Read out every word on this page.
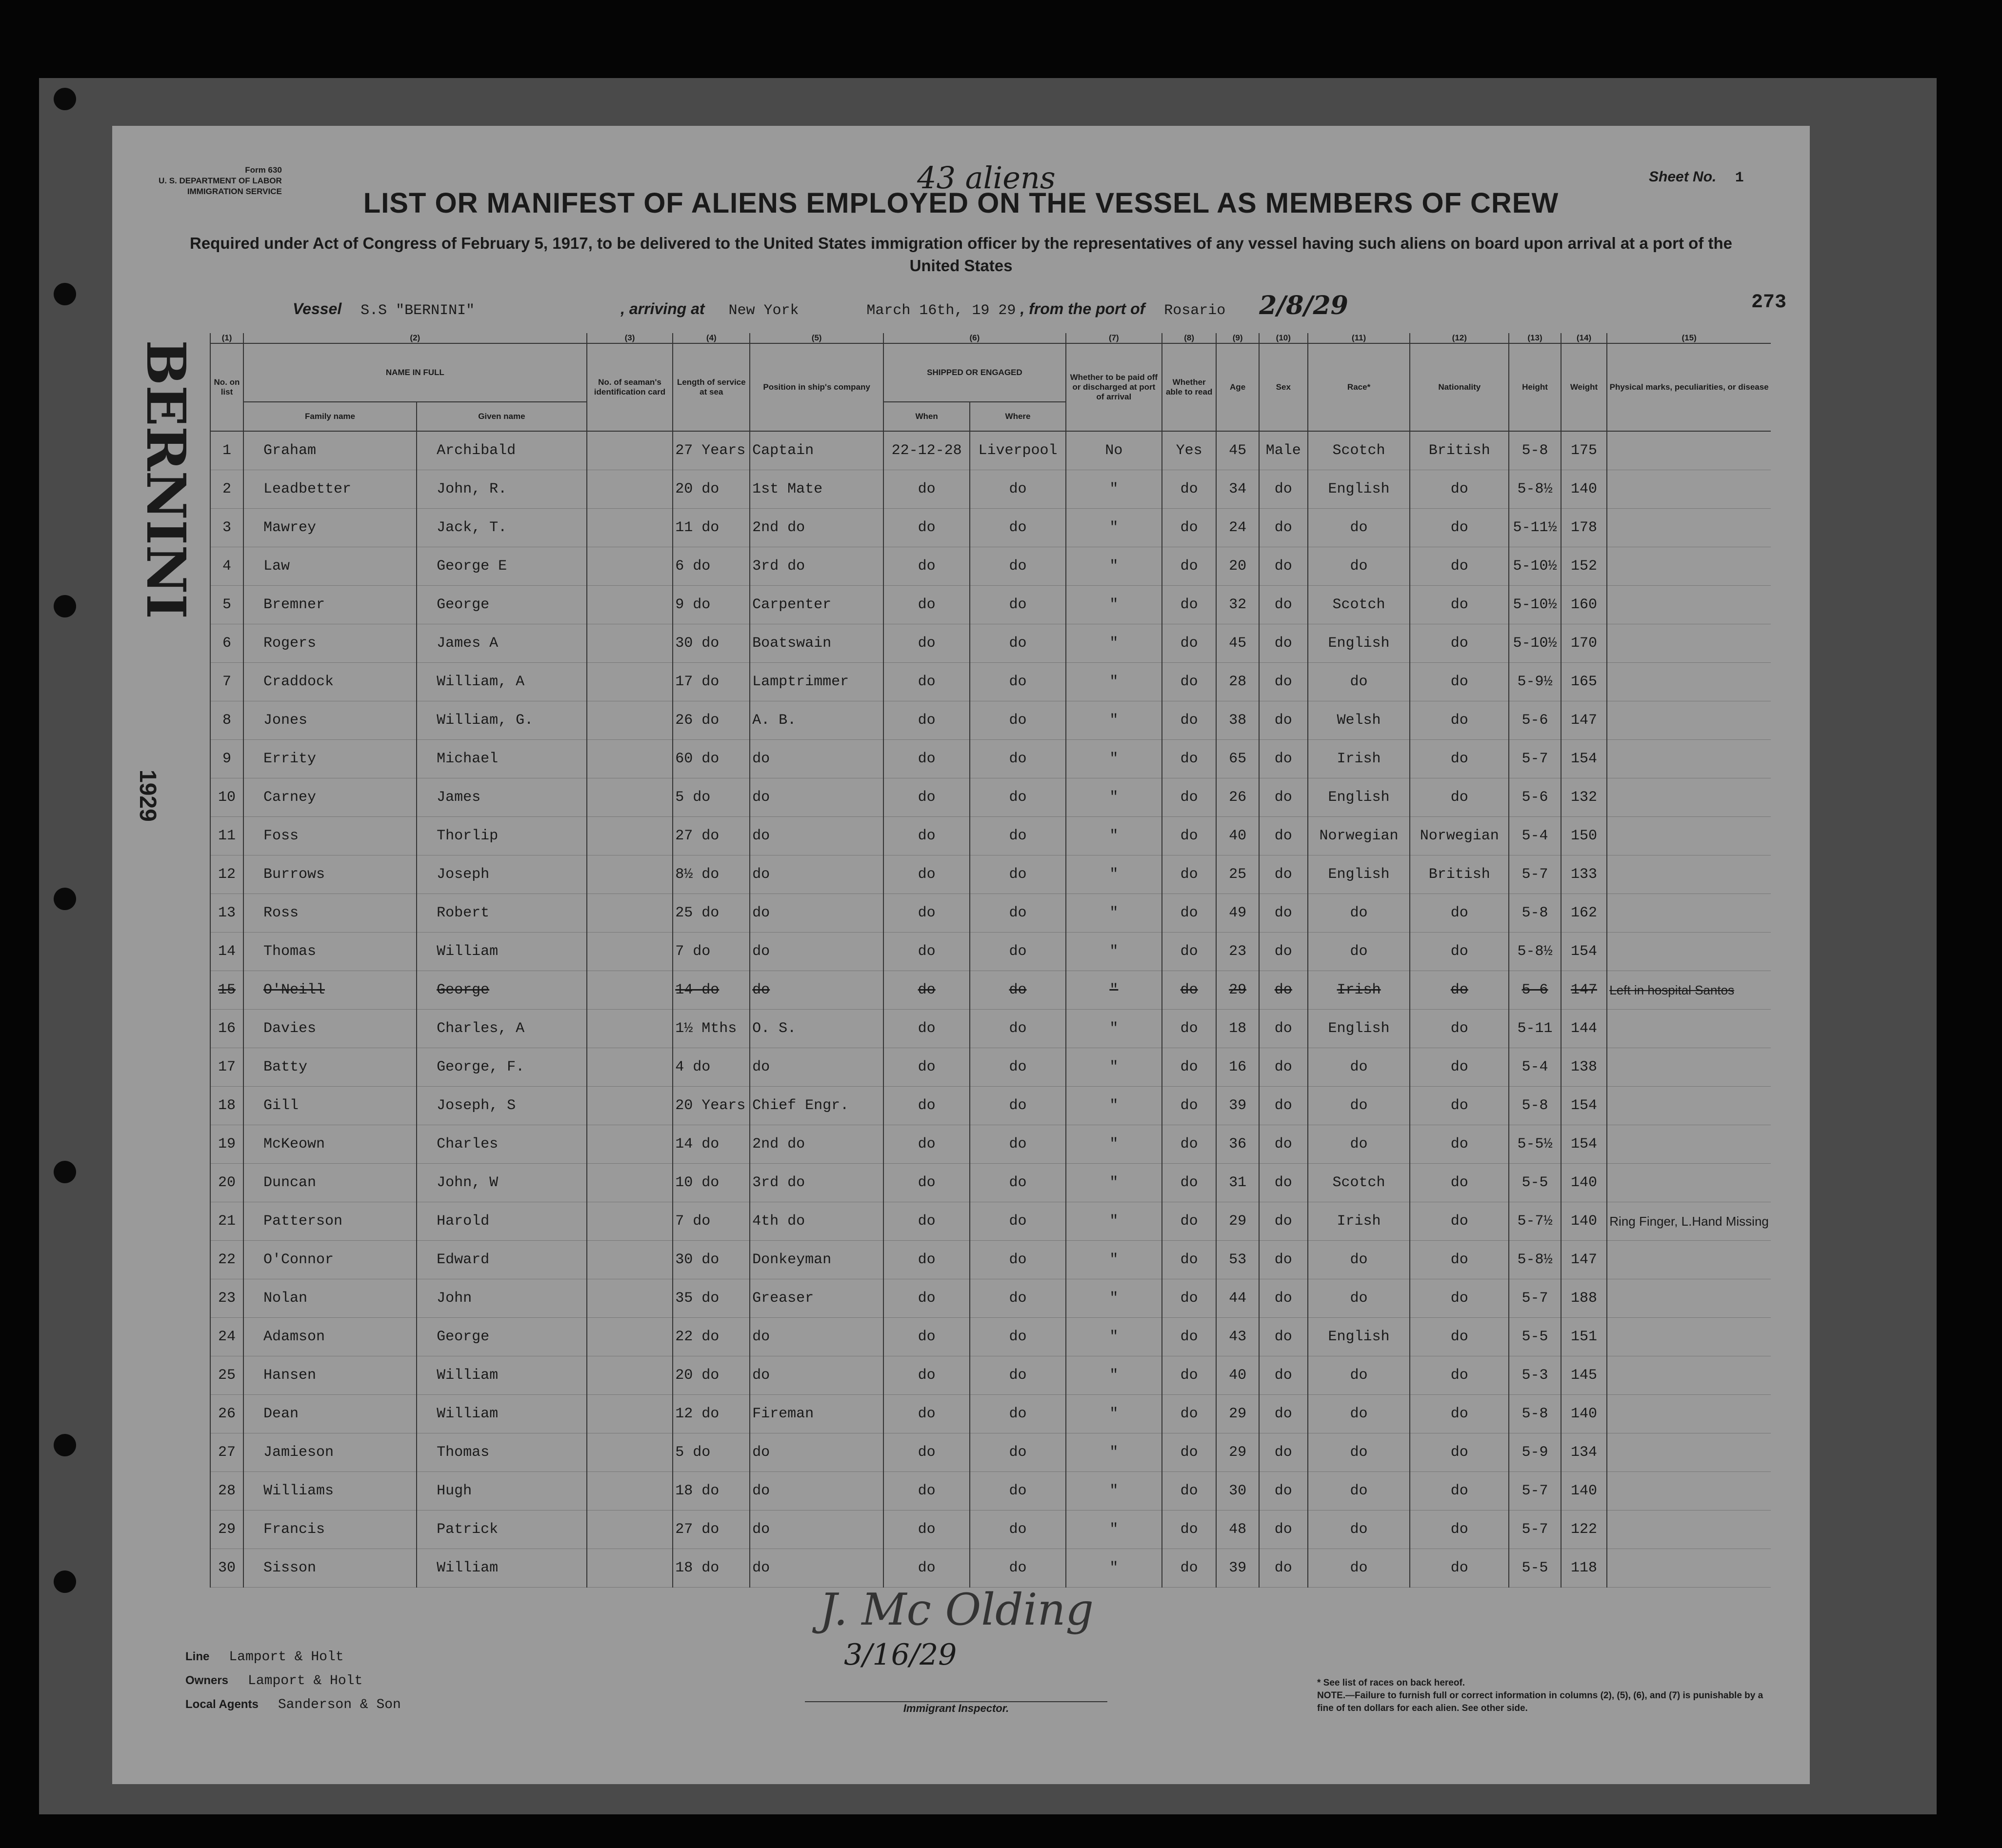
Form 630
U. S. DEPARTMENT OF LABOR
IMMIGRATION SERVICE	43 aliens	Sheet No. 1
LIST OR MANIFEST OF ALIENS EMPLOYED ON THE VESSEL AS MEMBERS OF CREW
Required under Act of Congress of February 5, 1917, to be delivered to the United States immigration officer by the representatives of any vessel having such aliens on board upon arrival at a port of the United States
Vessel S.S "BERNINI"	, arriving at New York	March 16th, 19 29 , from the port of Rosario 2/8/29	273
BERNINI
1929
(1)	(2)		(3)	(4)	(5)	(6)		(7)	(8)	(9)	(10)	(11)	(12)	(13)	(14)	(15)
No. on list	NAME IN FULL		No. of seaman's identification card	Length of service at sea	Position in ship's company	SHIPPED OR ENGAGED		Whether to be paid off or discharged at port of arrival	Whether able to read	Age	Sex	Race*	Nationality	Height	Weight	Physical marks, peculiarities, or disease
	Family name	Given name				When	Where									
1	Graham	Archibald		27 Years	Captain	22-12-28	Liverpool	No	Yes	45	Male	Scotch	British	5-8	175	
2	Leadbetter	John, R.		20 do	1st Mate	do	do	"	do	34	do	English	do	5-8½	140	
3	Mawrey	Jack, T.		11 do	2nd do	do	do	"	do	24	do	do	do	5-11½	178	
4	Law	George E		6 do	3rd do	do	do	"	do	20	do	do	do	5-10½	152	
5	Bremner	George		9 do	Carpenter	do	do	"	do	32	do	Scotch	do	5-10½	160	
6	Rogers	James A		30 do	Boatswain	do	do	"	do	45	do	English	do	5-10½	170	
7	Craddock	William, A		17 do	Lamptrimmer	do	do	"	do	28	do	do	do	5-9½	165	
8	Jones	William, G.		26 do	A. B.	do	do	"	do	38	do	Welsh	do	5-6	147	
9	Errity	Michael		60 do	do	do	do	"	do	65	do	Irish	do	5-7	154	
10	Carney	James		5 do	do	do	do	"	do	26	do	English	do	5-6	132	
11	Foss	Thorlip		27 do	do	do	do	"	do	40	do	Norwegian	Norwegian	5-4	150	
12	Burrows	Joseph		8½ do	do	do	do	"	do	25	do	English	British	5-7	133	
13	Ross	Robert		25 do	do	do	do	"	do	49	do	do	do	5-8	162	
14	Thomas	William		7 do	do	do	do	"	do	23	do	do	do	5-8½	154	
15	O'Neill	George		14 do	do	do	do	"	do	29	do	Irish	do	5-6	147	Left in hospital Santos
16	Davies	Charles, A		1½ Mths	O. S.	do	do	"	do	18	do	English	do	5-11	144	
17	Batty	George, F.		4 do	do	do	do	"	do	16	do	do	do	5-4	138	
18	Gill	Joseph, S		20 Years	Chief Engr.	do	do	"	do	39	do	do	do	5-8	154	
19	McKeown	Charles		14 do	2nd do	do	do	"	do	36	do	do	do	5-5½	154	
20	Duncan	John, W		10 do	3rd do	do	do	"	do	31	do	Scotch	do	5-5	140	
21	Patterson	Harold		7 do	4th do	do	do	"	do	29	do	Irish	do	5-7½	140	Ring Finger, L.Hand Missing
22	O'Connor	Edward		30 do	Donkeyman	do	do	"	do	53	do	do	do	5-8½	147	
23	Nolan	John		35 do	Greaser	do	do	"	do	44	do	do	do	5-7	188	
24	Adamson	George		22 do	do	do	do	"	do	43	do	English	do	5-5	151	
25	Hansen	William		20 do	do	do	do	"	do	40	do	do	do	5-3	145	
26	Dean	William		12 do	Fireman	do	do	"	do	29	do	do	do	5-8	140	
27	Jamieson	Thomas		5 do	do	do	do	"	do	29	do	do	do	5-9	134	
28	Williams	Hugh		18 do	do	do	do	"	do	30	do	do	do	5-7	140	
29	Francis	Patrick		27 do	do	do	do	"	do	48	do	do	do	5-7	122	
30	Sisson	William		18 do	do	do	do	"	do	39	do	do	do	5-5	118	
J. Mc Olding
3/16/29
Line Lamport & Holt
Owners Lamport & Holt
Local Agents Sanderson & Son	Immigrant Inspector.
* See list of races on back hereof.
NOTE.—Failure to furnish full or correct information in columns (2), (5), (6), and (7) is punishable by a fine of ten dollars for each alien. See other side.
